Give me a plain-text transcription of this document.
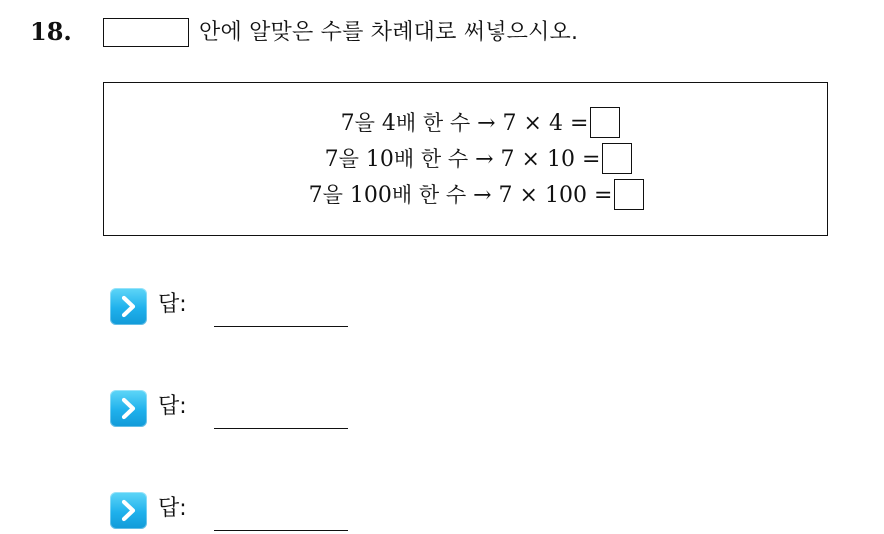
18.	안에 알맞은 수를 차례대로 써넣으시오.
7을 4배 한 수 → 7 × 4 =
7을 10배 한 수 → 7 × 10 =
7을 100배 한 수 → 7 × 100 =
답:
답:
답:
